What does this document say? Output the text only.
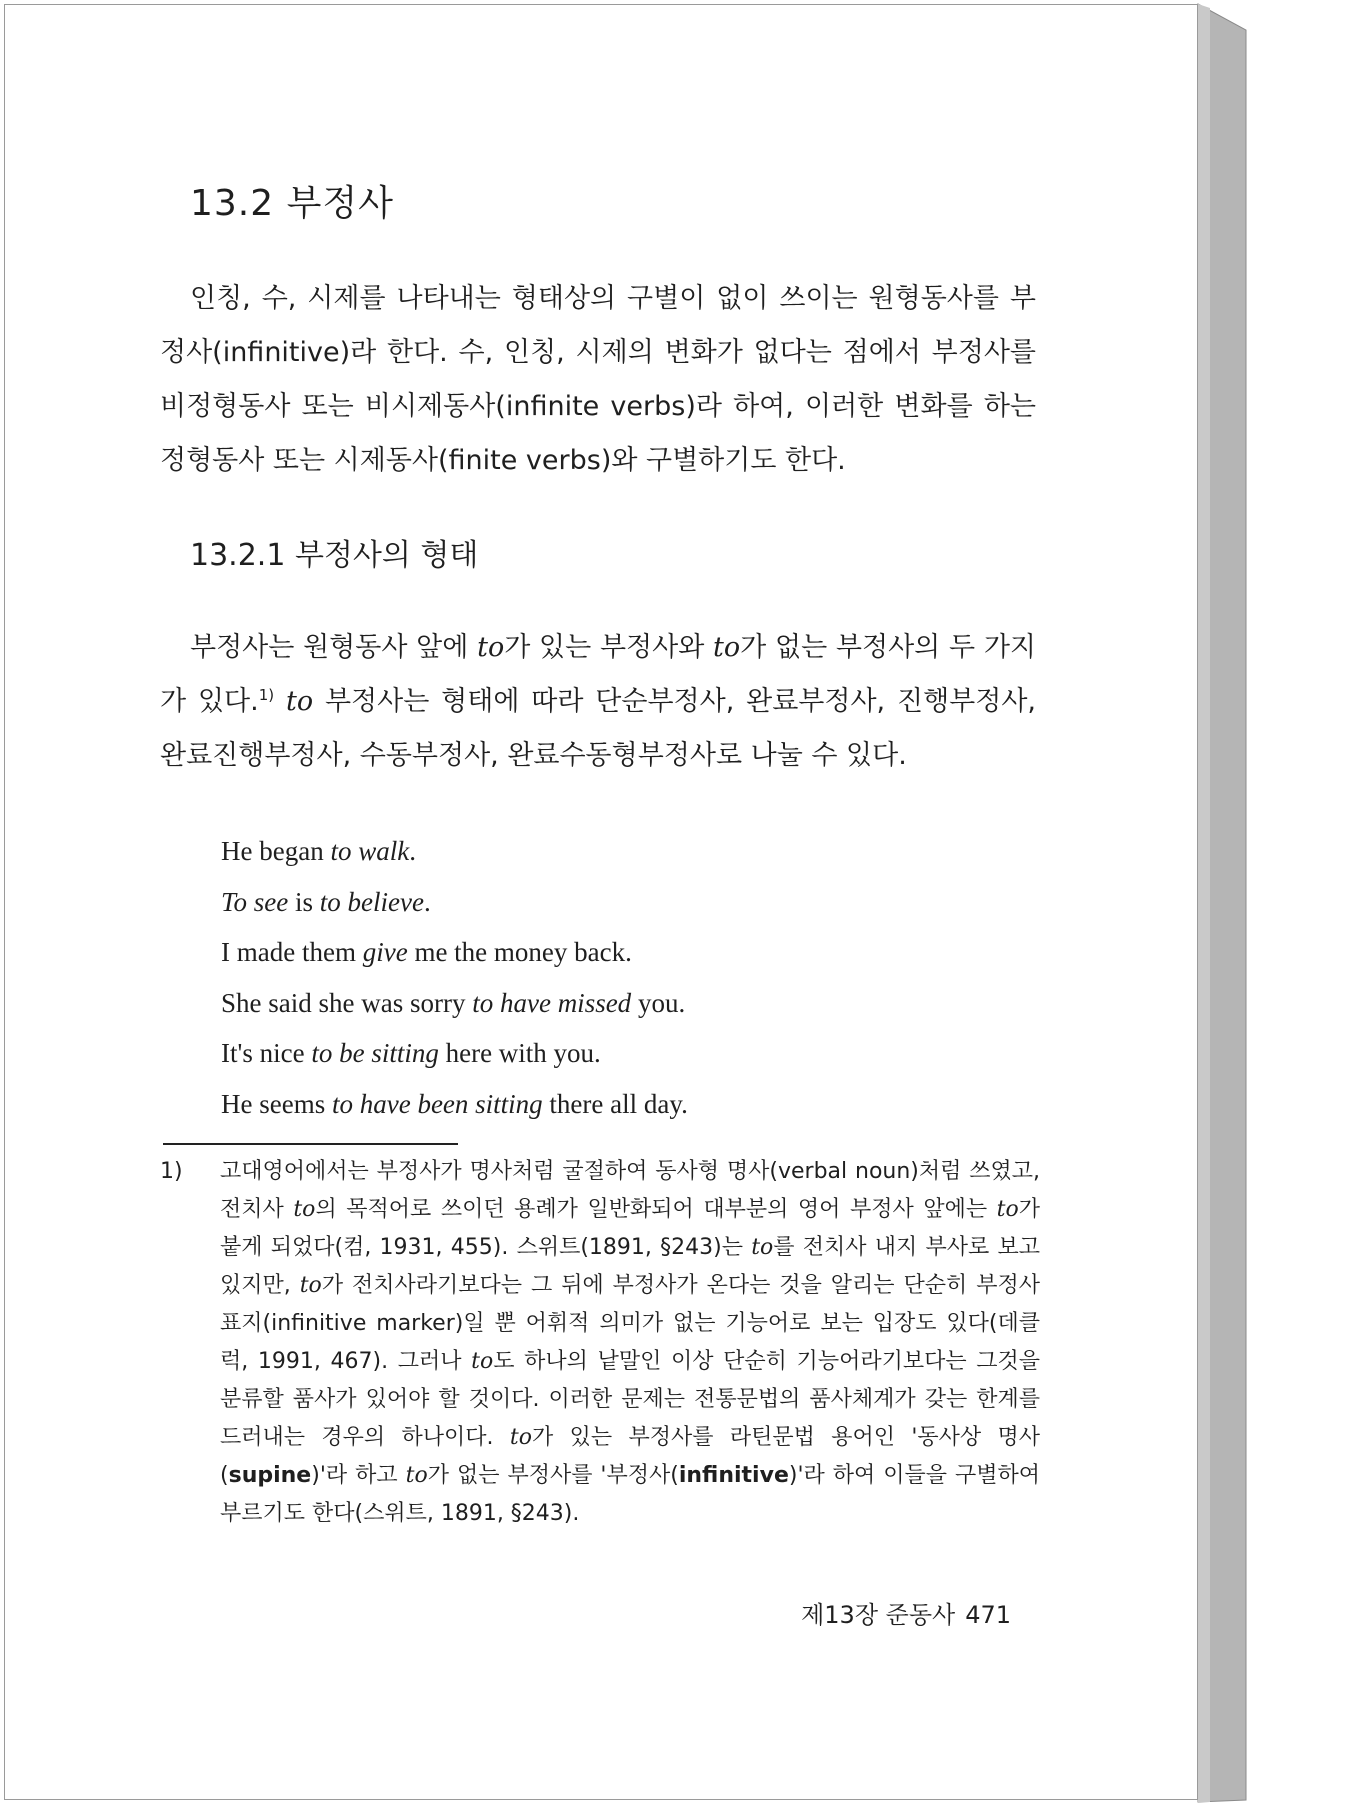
13.2 부정사

인칭, 수, 시제를 나타내는 형태상의 구별이 없이 쓰이는 원형동사를 부정사(infinitive)라 한다. 수, 인칭, 시제의 변화가 없다는 점에서 부정사를 비정형동사 또는 비시제동사(infinite verbs)라 하여, 이러한 변화를 하는 정형동사 또는 시제동사(finite verbs)와 구별하기도 한다.

13.2.1 부정사의 형태

부정사는 원형동사 앞에 to가 있는 부정사와 to가 없는 부정사의 두 가지가 있다.$^{1)}$ to 부정사는 형태에 따라 단순부정사, 완료부정사, 진행부정사, 완료진행부정사, 수동부정사, 완료수동형부정사로 나눌 수 있다.

He began to walk.
To see is to believe.
I made them give me the money back.
She said she was sorry to have missed you.
It's nice to be sitting here with you.
He seems to have been sitting there all day.

1) 고대영어에서는 부정사가 명사처럼 굴절하여 동사형 명사(verbal noun)처럼 쓰였고, 전치사 to의 목적어로 쓰이던 용례가 일반화되어 대부분의 영어 부정사 앞에는 to가 붙게 되었다(컴, 1931, 455). 스위트(1891, §243)는 to를 전치사 내지 부사로 보고 있지만, to가 전치사라기보다는 그 뒤에 부정사가 온다는 것을 알리는 단순히 부정사 표지(infinitive marker)일 뿐 어휘적 의미가 없는 기능어로 보는 입장도 있다(데클럭, 1991, 467). 그러나 to도 하나의 낱말인 이상 단순히 기능어라기보다는 그것을 분류할 품사가 있어야 할 것이다. 이러한 문제는 전통문법의 품사체계가 갖는 한계를 드러내는 경우의 하나이다. to가 있는 부정사를 라틴문법 용어인 '동사상 명사(supine)'라 하고 to가 없는 부정사를 '부정사(infinitive)'라 하여 이들을 구별하여 부르기도 한다(스위트, 1891, §243).

제13장 준동사 471
